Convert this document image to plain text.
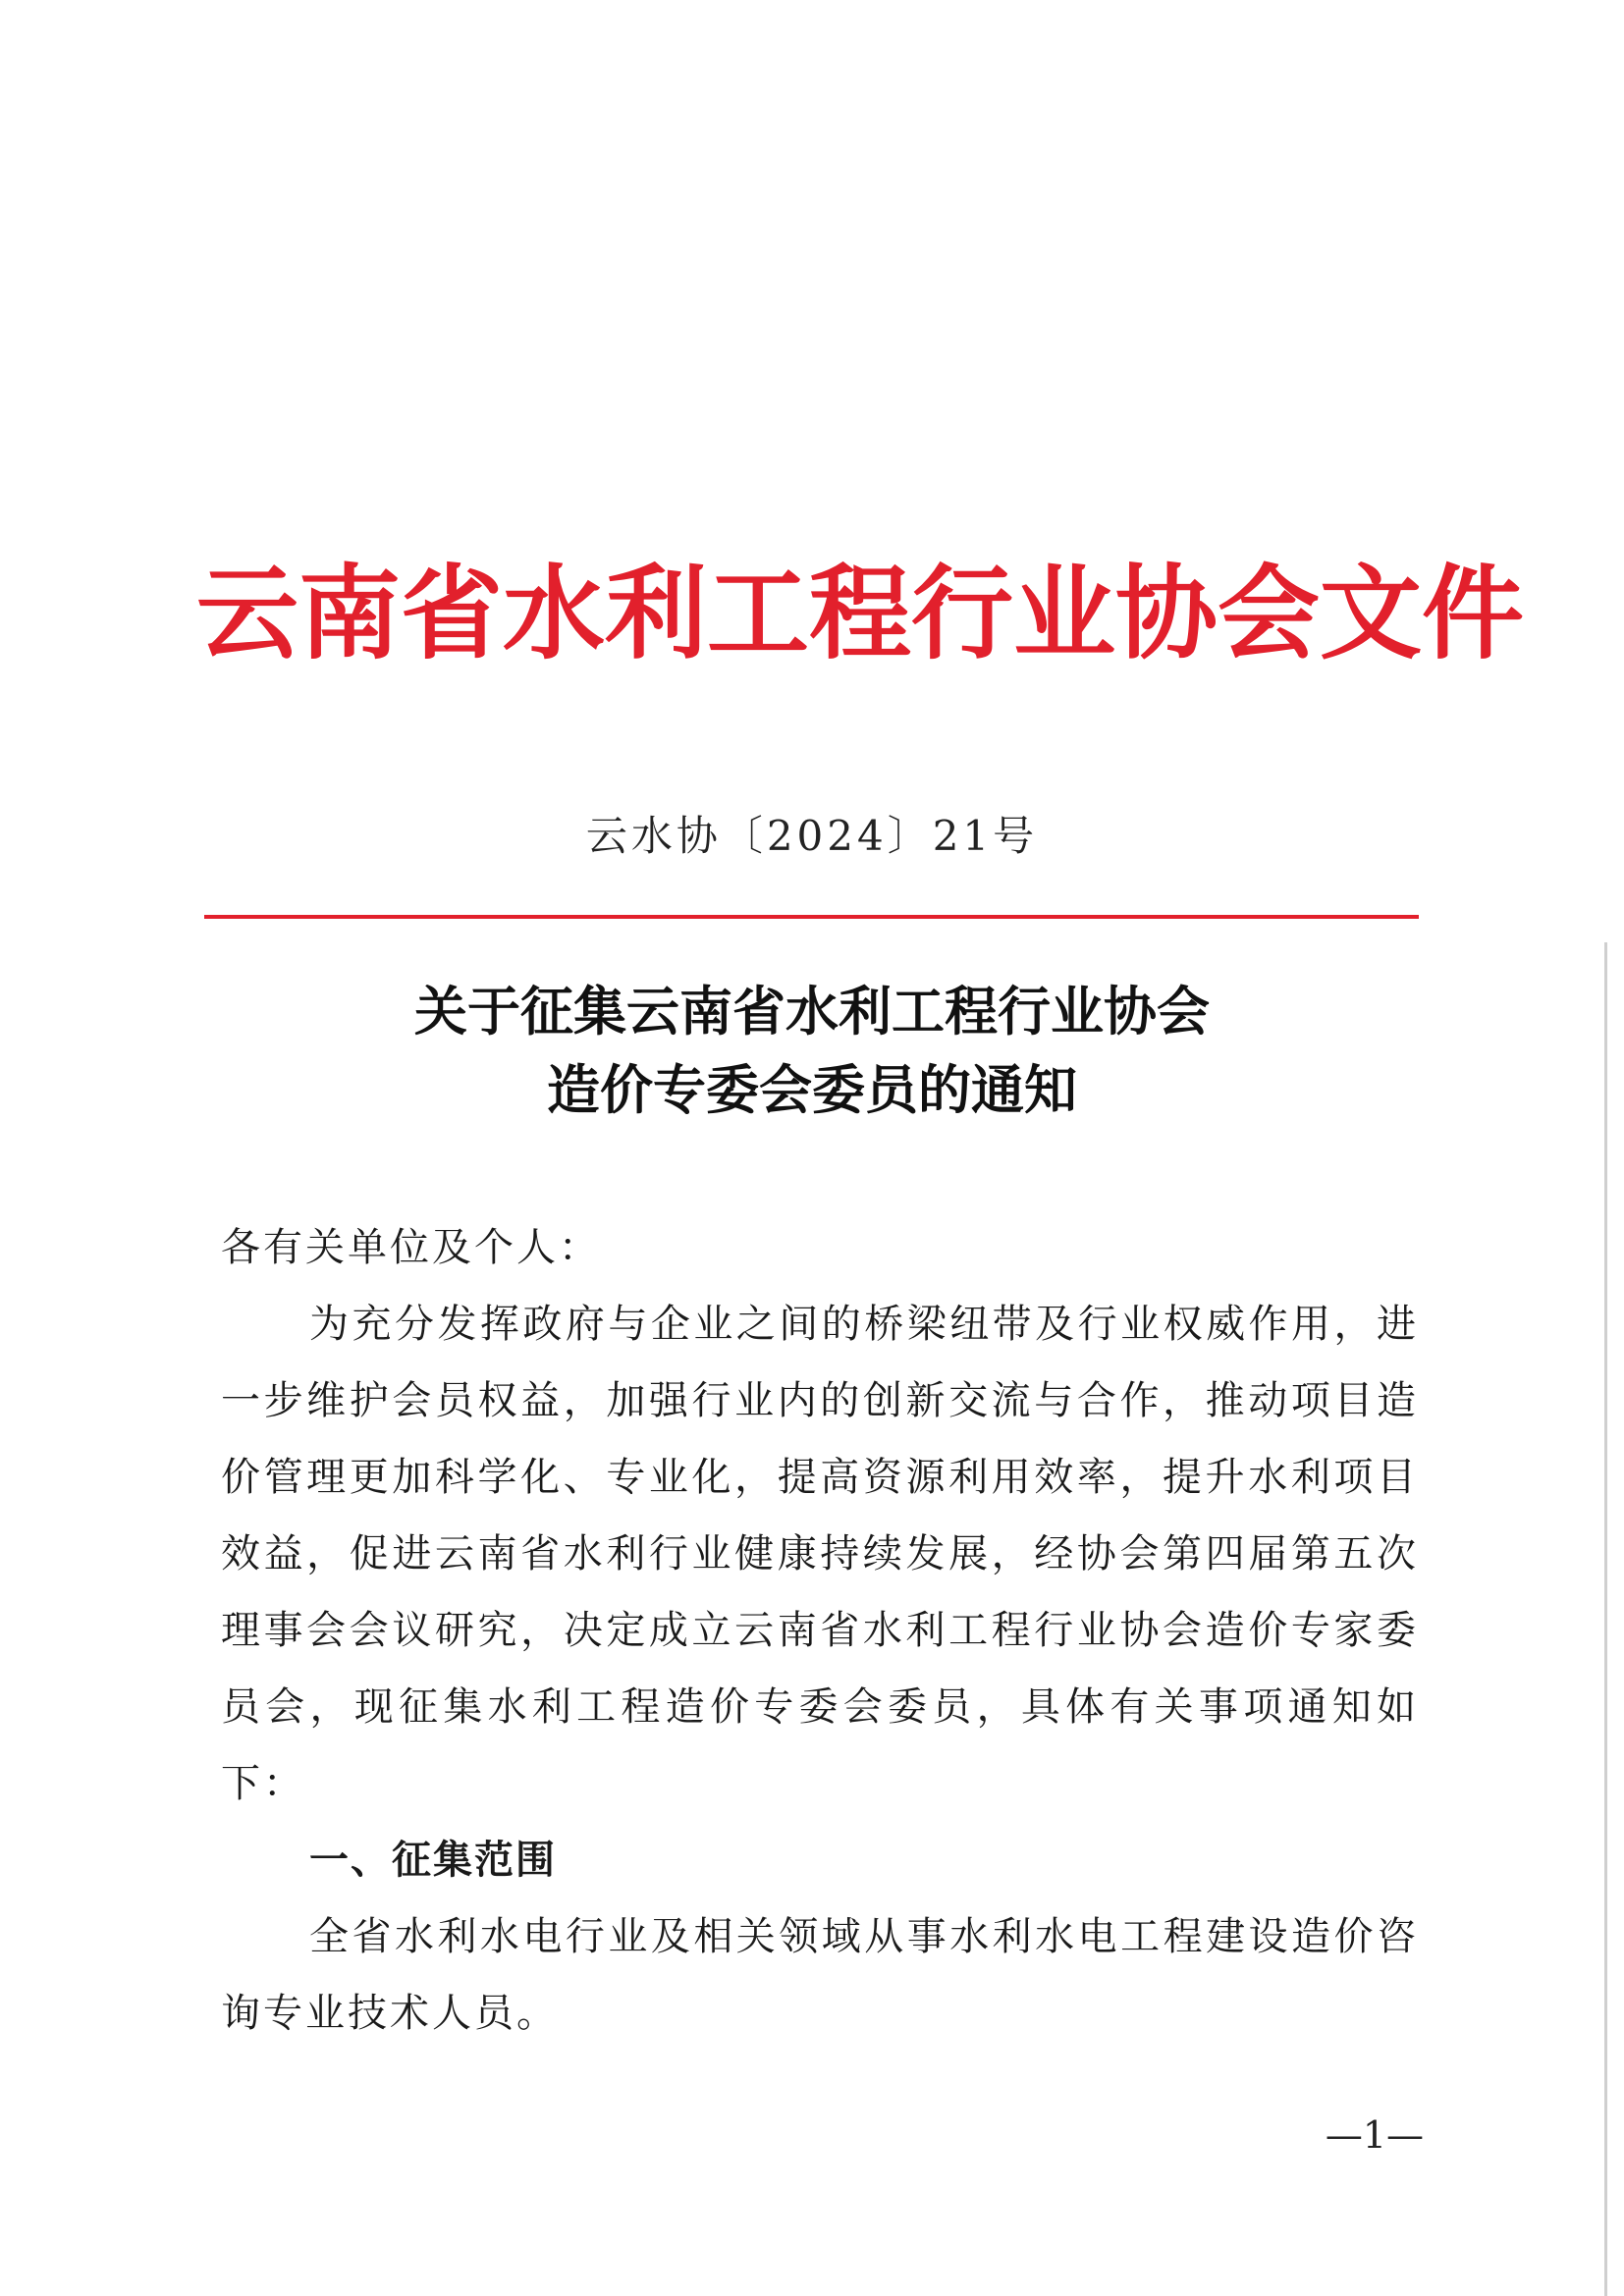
云南省水利工程行业协会文件
云水协〔2024〕21号
关于征集云南省水利工程行业协会
造价专委会委员的通知

各有关单位及个人：

为充分发挥政府与企业之间的桥梁纽带及行业权威作用，进一步维护会员权益，加强行业内的创新交流与合作，推动项目造价管理更加科学化、专业化，提高资源利用效率，提升水利项目效益，促进云南省水利行业健康持续发展，经协会第四届第五次理事会会议研究，决定成立云南省水利工程行业协会造价专家委员会，现征集水利工程造价专委会委员，具体有关事项通知如下：

一、征集范围

全省水利水电行业及相关领域从事水利水电工程建设造价咨询专业技术人员。

—1—
